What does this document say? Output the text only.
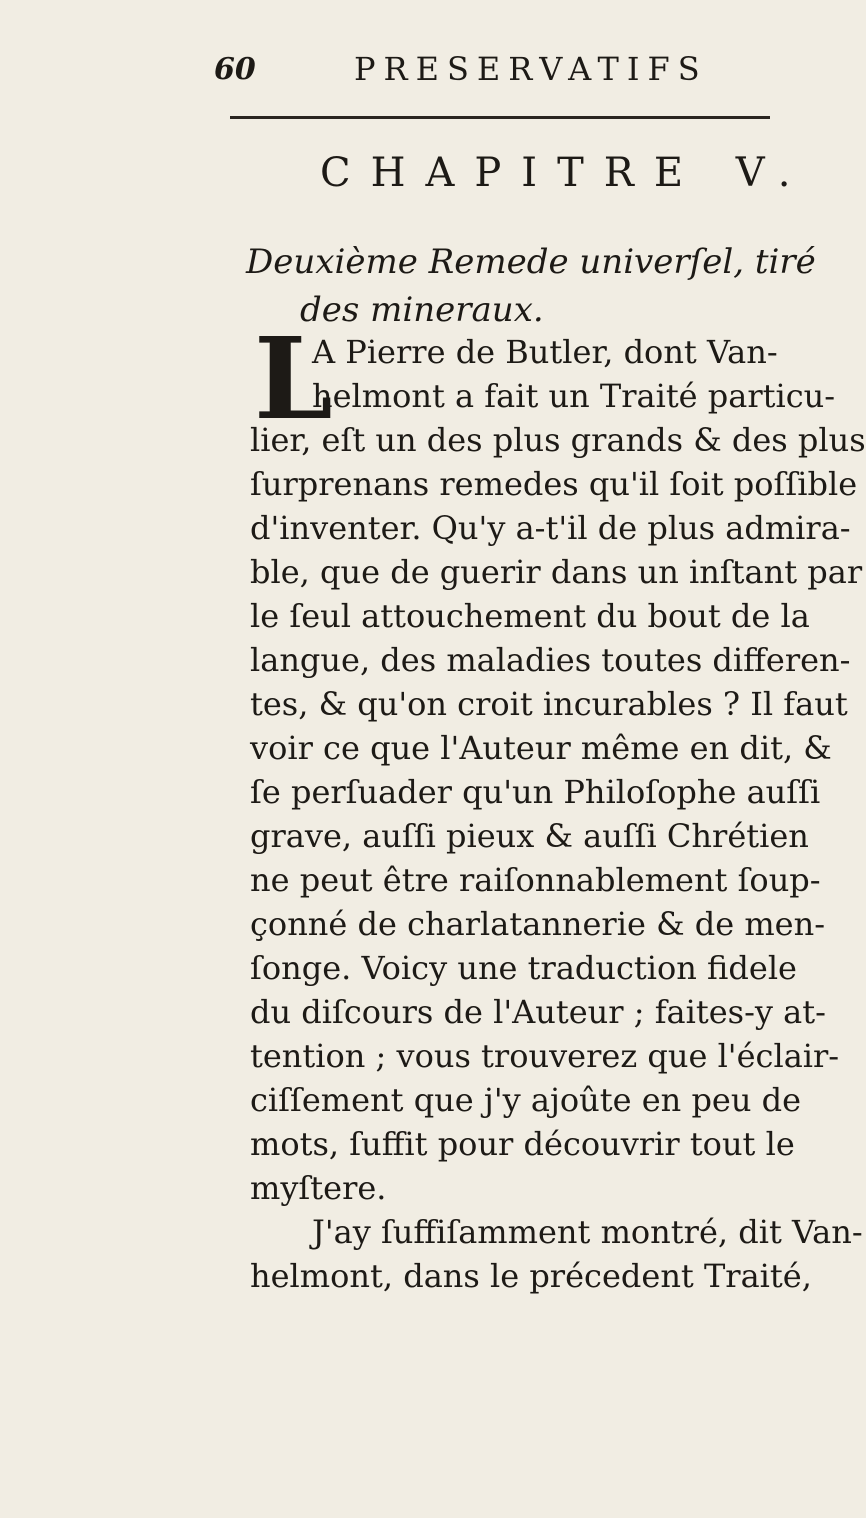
60	PRESERVATIFS
CHAPITRE V.
Deuxième Remede univerſel, tiré
des mineraux.
L
A Pierre de Butler, dont Van-
helmont a fait un Traité particu-
lier, eſt un des plus grands & des plus
ſurprenans remedes qu'il ſoit poſſible
d'inventer. Qu'y a-t'il de plus admira-
ble, que de guerir dans un inſtant par
le ſeul attouchement du bout de la
langue, des maladies toutes differen-
tes, & qu'on croit incurables ? Il faut
voir ce que l'Auteur même en dit, &
ſe perſuader qu'un Philoſophe auſſi
grave, auſſi pieux & auſſi Chrétien
ne peut être raiſonnablement ſoup-
çonné de charlatannerie & de men-
ſonge. Voicy une traduction fidele
du diſcours de l'Auteur ; faites-y at-
tention ; vous trouverez que l'éclair-
ciſſement que j'y ajoûte en peu de
mots, ſuffit pour découvrir tout le
myſtere.
J'ay ſuffiſamment montré, dit Van-
helmont, dans le précedent Traité,
